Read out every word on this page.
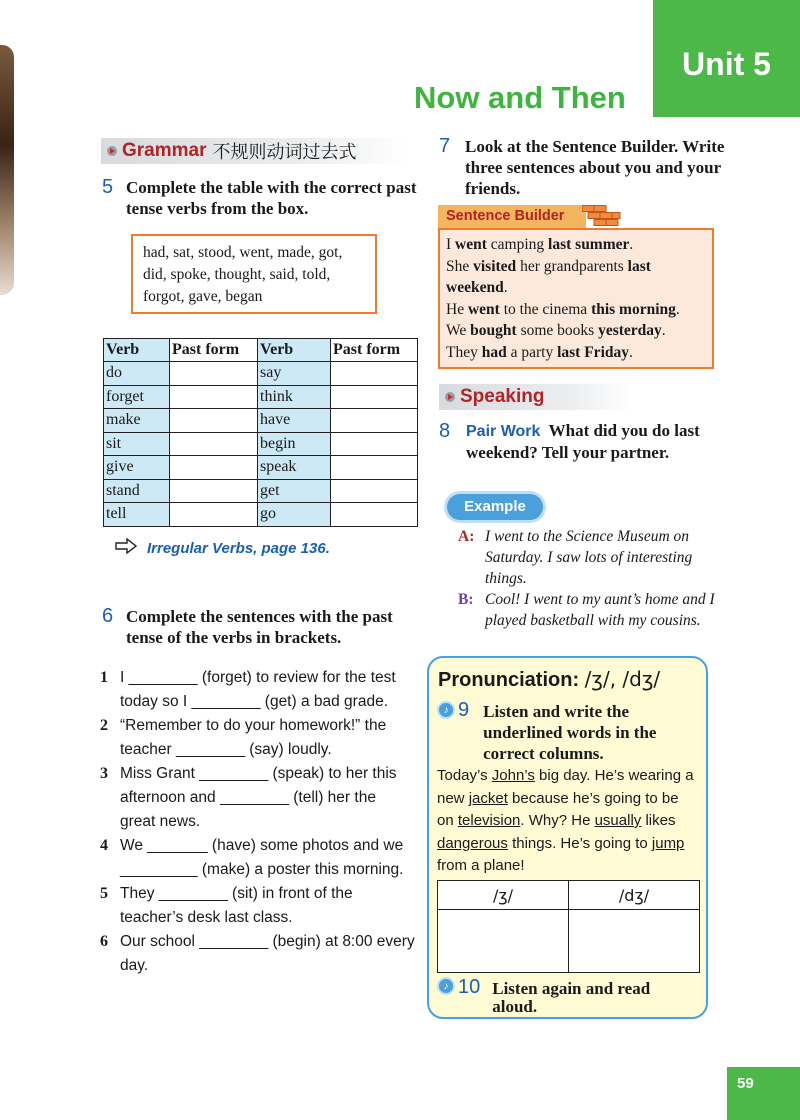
Unit 5
Now and Then
Grammar 不规则动词过去式
5 Complete the table with the correct past tense verbs from the box.
had, sat, stood, went, made, got, did, spoke, thought, said, told, forgot, gave, began
Verb	Past form	Verb	Past form
do		say	
forget		think	
make		have	
sit		begin	
give		speak	
stand		get	
tell		go	
Irregular Verbs, page 136.
6 Complete the sentences with the past tense of the verbs in brackets.
1 I ________ (forget) to review for the test today so I ________ (get) a bad grade.
2 “Remember to do your homework!” the teacher ________ (say) loudly.
3 Miss Grant ________ (speak) to her this afternoon and ________ (tell) her the great news.
4 We _______ (have) some photos and we _________ (make) a poster this morning.
5 They ________ (sit) in front of the teacher’s desk last class.
6 Our school ________ (begin) at 8:00 every day.
7 Look at the Sentence Builder. Write three sentences about you and your friends.
Sentence Builder
I went camping last summer.
She visited her grandparents last weekend.
He went to the cinema this morning.
We bought some books yesterday.
They had a party last Friday.
Speaking
8 Pair Work What did you do last weekend? Tell your partner.
Example
A: I went to the Science Museum on Saturday. I saw lots of interesting things.
B: Cool! I went to my aunt’s home and I played basketball with my cousins.
Pronunciation: /ʒ/, /dʒ/
♪ 9 Listen and write the underlined words in the correct columns.
Today’s John’s big day. He’s wearing a new jacket because he’s going to be on television. Why? He usually likes dangerous things. He’s going to jump from a plane!
/ʒ/	/dʒ/

♪ 10 Listen again and read aloud.
59
